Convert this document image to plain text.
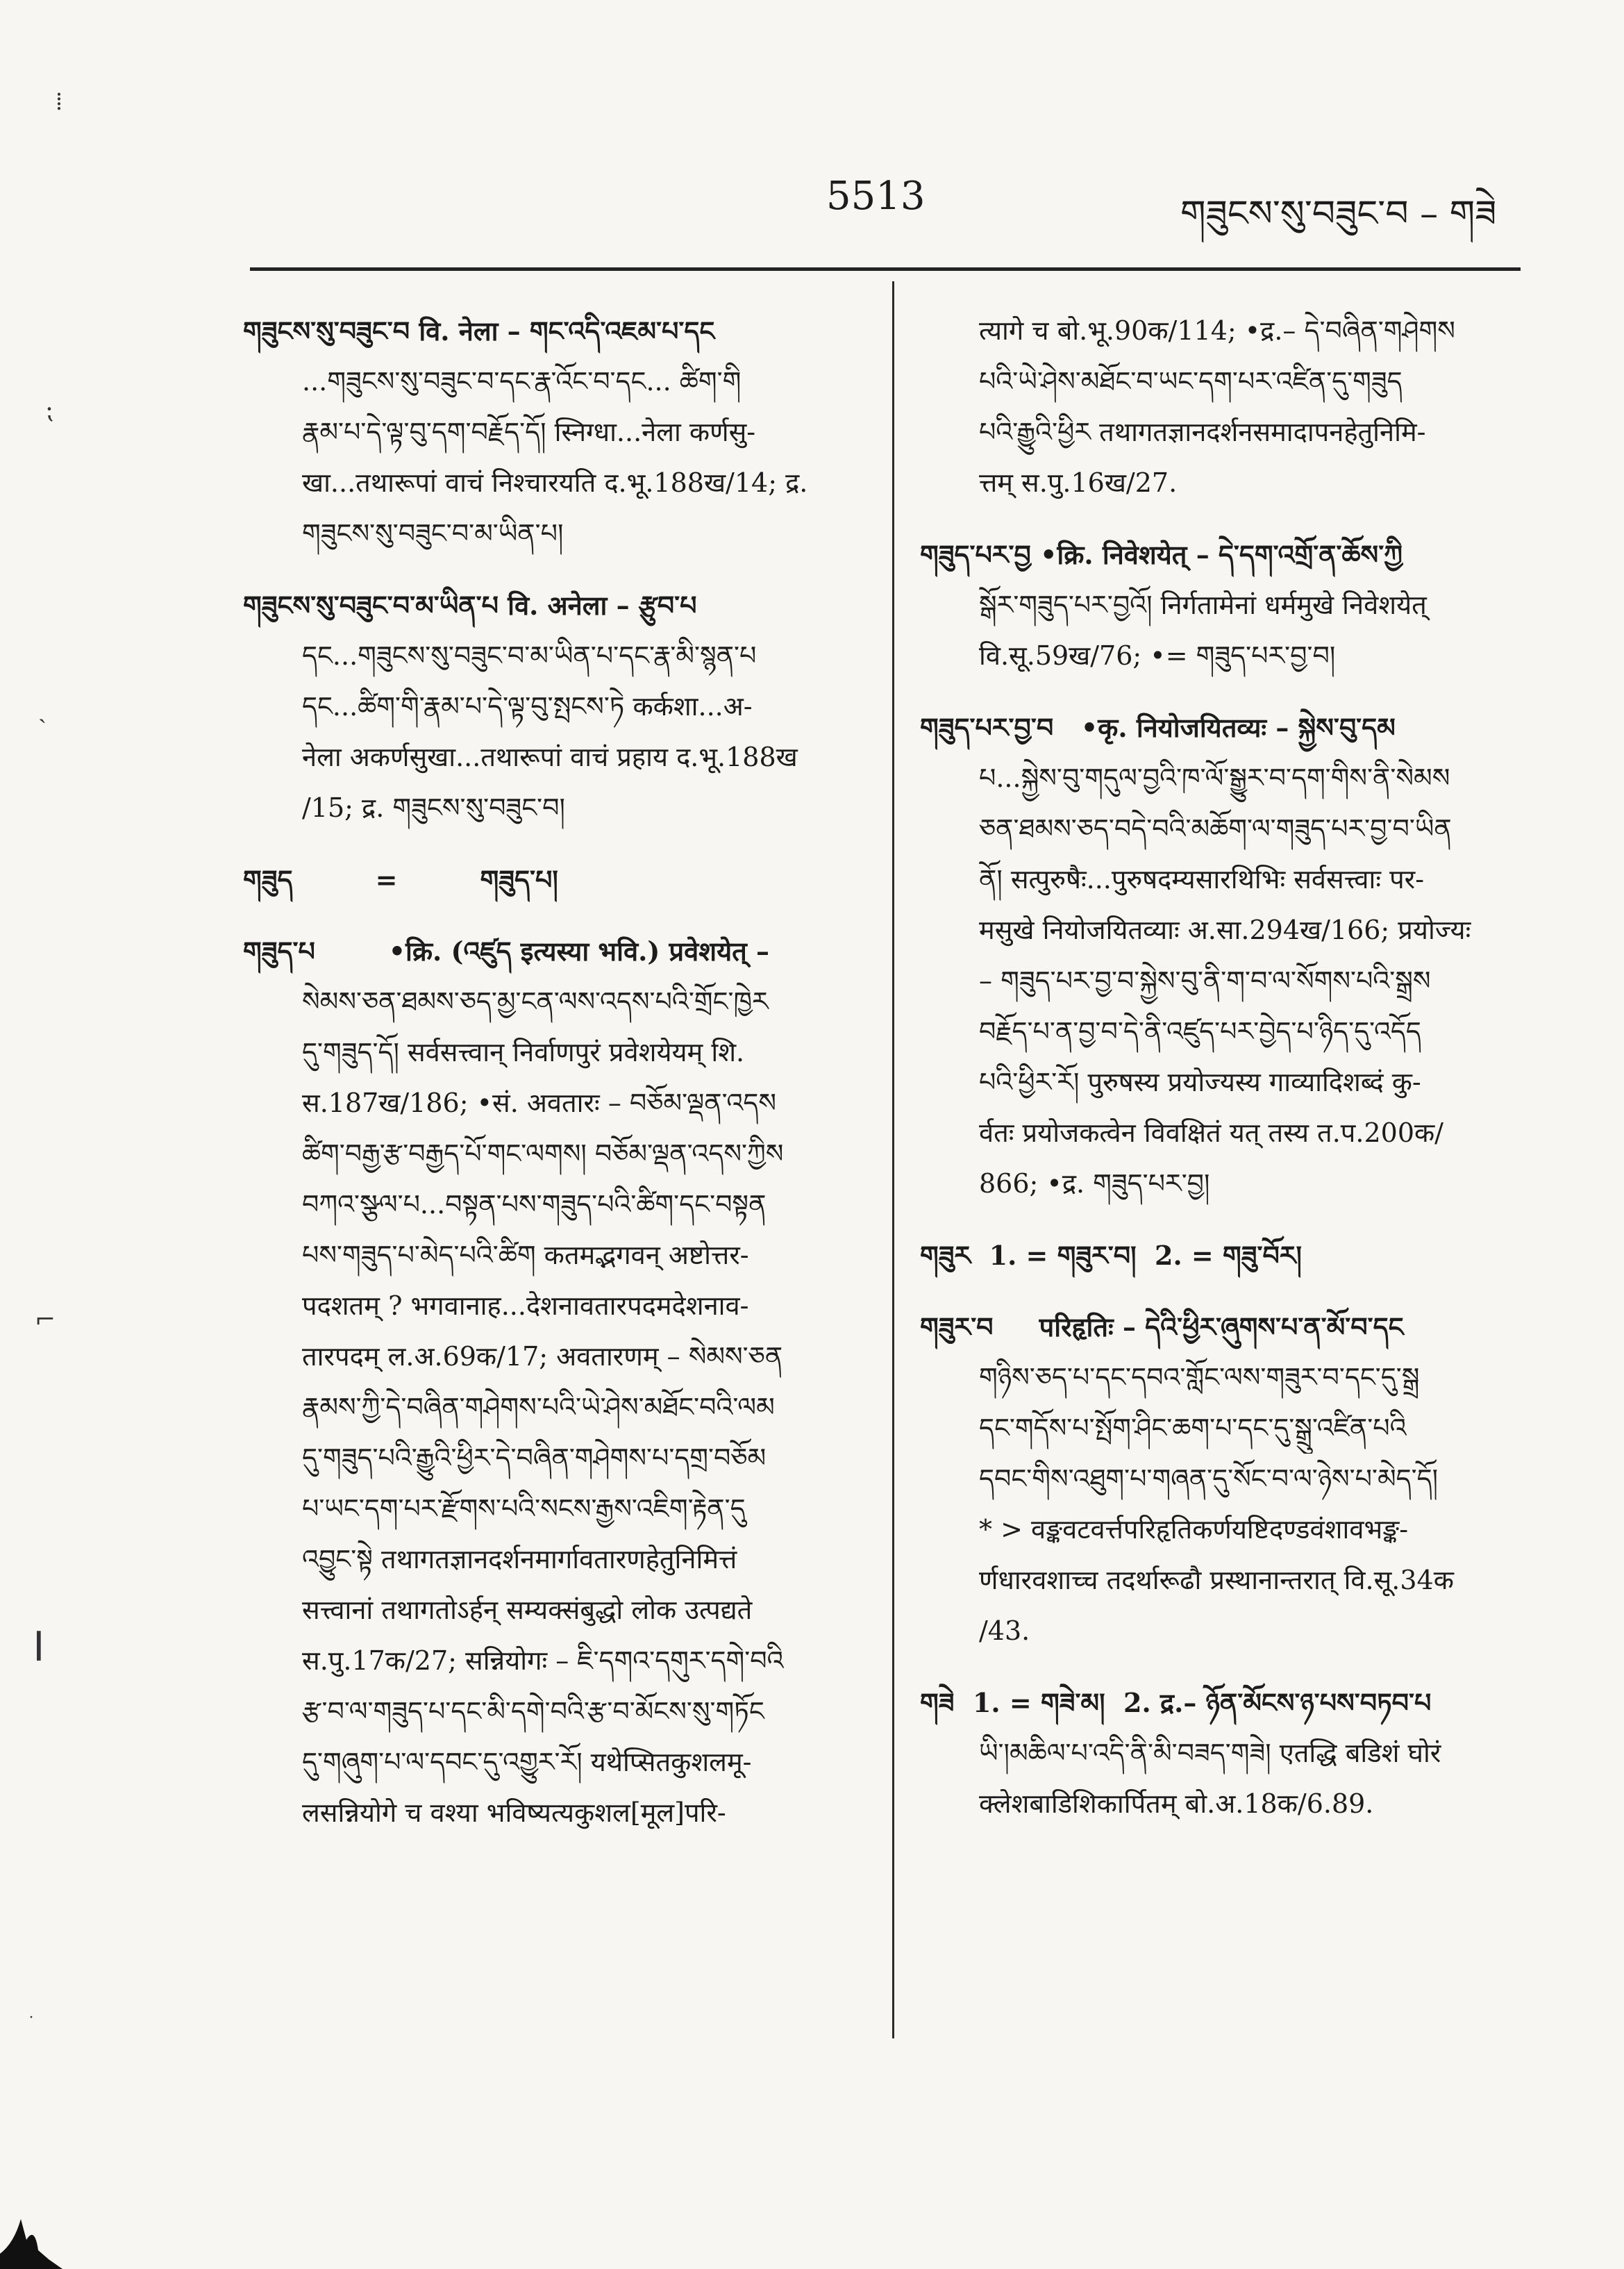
5513	གཟུངས་སུ་བཟུང་བ – གཟེ
⁞
⁏
ˎ
⌐
┃
གཟུངས་སུ་བཟུང་བ वि. नेला – གང་འདི་འཇམ་པ་དང
...གཟུངས་སུ་བཟུང་བ་དང་རྣ་འོང་བ་དང... ཚིག་གི
རྣམ་པ་དེ་ལྟ་བུ་དག་བརྗོད་དོ། स्निग्धा...नेला कर्णसु-
खा...तथारूपां वाचं निश्चारयति द.भू.188ख/14; द्र.
གཟུངས་སུ་བཟུང་བ་མ་ཡིན་པ།
གཟུངས་སུ་བཟུང་བ་མ་ཡིན་པ वि. अनेला – རྩུབ་པ
དང...གཟུངས་སུ་བཟུང་བ་མ་ཡིན་པ་དང་རྣ་མི་སྙན་པ
དང...ཚིག་གི་རྣམ་པ་དེ་ལྟ་བུ་སྤངས་ཏེ कर्कशा...अ-
नेला अकर्णसुखा...तथारूपां वाचं प्रहाय द.भू.188ख
/15; द्र. གཟུངས་སུ་བཟུང་བ།
གཟུད         =         གཟུད་པ།
གཟུད་པ        •क्रि. (འཛུད इत्यस्या भवि.) प्रवेशयेत् –
སེམས་ཅན་ཐམས་ཅད་མྱ་ངན་ལས་འདས་པའི་གྲོང་ཁྱེར
དུ་གཟུད་དོ། सर्वसत्त्वान् निर्वाणपुरं प्रवेशयेयम् शि.
स.187ख/186; •सं. अवतारः – བཅོམ་ལྡན་འདས
ཚིག་བརྒྱ་རྩ་བརྒྱད་པོ་གང་ལགས། བཅོམ་ལྡན་འདས་ཀྱིས
བཀའ་སྩལ་པ...བསྟན་པས་གཟུད་པའི་ཚིག་དང་བསྟན
པས་གཟུད་པ་མེད་པའི་ཚིག कतमद्भगवन् अष्टोत्तर-
पदशतम् ? भगवानाह...देशनावतारपदमदेशनाव-
तारपदम् ल.अ.69क/17; अवतारणम् – སེམས་ཅན
རྣམས་ཀྱི་དེ་བཞིན་གཤེགས་པའི་ཡེ་ཤེས་མཐོང་བའི་ལམ
དུ་གཟུད་པའི་རྒྱུའི་ཕྱིར་དེ་བཞིན་གཤེགས་པ་དགྲ་བཅོམ
པ་ཡང་དག་པར་རྫོགས་པའི་སངས་རྒྱས་འཇིག་རྟེན་དུ
འབྱུང་སྟེ तथागतज्ञानदर्शनमार्गावतारणहेतुनिमित्तं
सत्त्वानां तथागतोऽर्हन् सम्यक्संबुद्धो लोक उत्पद्यते
स.पु.17क/27; सन्नियोगः – ཇི་དགའ་དགུར་དགེ་བའི
རྩ་བ་ལ་གཟུད་པ་དང་མི་དགེ་བའི་རྩ་བ་མོངས་སུ་གཏོང
དུ་གཞུག་པ་ལ་དབང་དུ་འགྱུར་རོ། यथेप्सितकुशलमू-
लसन्नियोगे च वश्या भविष्यत्यकुशल[मूल]परि-
त्यागे च बो.भू.90क/114; •द्र.– དེ་བཞིན་གཤེགས
པའི་ཡེ་ཤེས་མཐོང་བ་ཡང་དག་པར་འཛིན་དུ་གཟུད
པའི་རྒྱུའི་ཕྱིར तथागतज्ञानदर्शनसमादापनहेतुनिमि-
त्तम् स.पु.16ख/27.
གཟུད་པར་བྱ •क्रि. निवेशयेत् – དེ་དག་འགྲོ་ན་ཆོས་ཀྱི
སྒོར་གཟུད་པར་བྱའོ། निर्गतामेनां धर्ममुखे निवेशयेत्
वि.सू.59ख/76; •= གཟུད་པར་བྱ་བ།
གཟུད་པར་བྱ་བ   •कृ. नियोजयितव्यः – སྐྱེས་བུ་དམ
པ...སྐྱེས་བུ་གདུལ་བྱའི་ཁ་ལོ་སྒྱུར་བ་དག་གིས་ནི་སེམས
ཅན་ཐམས་ཅད་བདེ་བའི་མཆོག་ལ་གཟུད་པར་བྱ་བ་ཡིན
ནོ། सत्पुरुषैः...पुरुषदम्यसारथिभिः सर्वसत्त्वाः पर-
मसुखे नियोजयितव्याः अ.सा.294ख/166; प्रयोज्यः
– གཟུད་པར་བྱ་བ་སྐྱེས་བུ་ནི་ག་བ་ལ་སོགས་པའི་སྒྲས
བརྗོད་པ་ན་བྱ་བ་དེ་ནི་འཛུད་པར་བྱེད་པ་ཉིད་དུ་འདོད
པའི་ཕྱིར་རོ། पुरुषस्य प्रयोज्यस्य गाव्यादिशब्दं कु-
र्वतः प्रयोजकत्वेन विवक्षितं यत् तस्य त.प.200क/
866; •द्र. གཟུད་པར་བྱ།
གཟུར  1. = གཟུར་བ།  2. = གཟུ་བོར།
གཟུར་བ     परिहृतिः – དེའི་ཕྱིར་ཞུགས་པ་ན་མོ་བ་དང
གཉིས་ཅད་པ་དང་དབའ་གློང་ལས་གཟུར་བ་དང་དུ་སྒྲ
དང་གདོས་པ་སྤོག་ཤིང་ཆག་པ་དང་དུ་སྒྲུ་འཛིན་པའི
དབང་གིས་འཐུག་པ་གཞན་དུ་སོང་བ་ལ་ཉེས་པ་མེད་དོ།
* > वङ्कवटवर्त्तपरिहृतिकर्णयष्टिदण्डवंशावभङ्क-
र्णधारवशाच्च तदर्थारूढौ प्रस्थानान्तरात् वि.सू.34क
/43.
གཟེ  1. = གཟེ་མ།  2. द्र.– ཉོན་མོངས་ཉ་པས་བཏབ་པ
ཡི་།མཆིལ་པ་འདི་ནི་མི་བཟད་གཟེ། एतद्धि बडिशं घोरं
क्लेशबाडिशिकार्पितम् बो.अ.18क/6.89.
